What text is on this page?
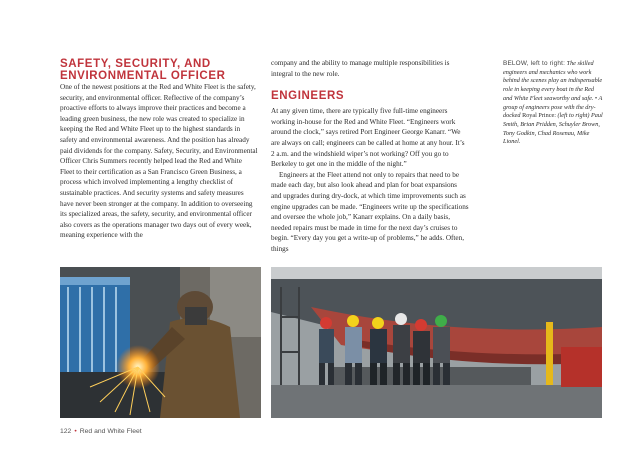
SAFETY, SECURITY, AND
ENVIRONMENTAL OFFICER

One of the newest positions at the Red and White Fleet is the safety, security, and environmental officer. Reflective of the company’s proactive efforts to always improve their practices and become a leading green business, the new role was created to specialize in keeping the Red and White Fleet up to the highest standards in safety and environmental awareness. And the position has already paid dividends for the company. Safety, Security, and Environmental Officer Chris Summers recently helped lead the Red and White Fleet to their certification as a San Francisco Green Business, a process which involved implementing a lengthy checklist of sustainable practices. And security systems and safety measures have never been stronger at the company. In addition to overseeing its specialized areas, the safety, security, and environmental officer also covers as the operations manager two days out of every week, meaning experience with the

company and the ability to manage multiple responsibilities is integral to the new role.

ENGINEERS

At any given time, there are typically five full-time engineers working in-house for the Red and White Fleet. “Engineers work around the clock,” says retired Port Engineer George Kanarr. “We are always on call; engineers can be called at home at any hour. It’s 2 a.m. and the windshield wiper’s not working? Off you go to Berkeley to get one in the middle of the night.”

Engineers at the Fleet attend not only to repairs that need to be made each day, but also look ahead and plan for boat expansions and upgrades during dry-dock, at which time improvements such as engine upgrades can be made. “Engineers write up the specifications and oversee the whole job,” Kanarr explains. On a daily basis, needed repairs must be made in time for the next day’s cruises to begin. “Every day you get a write-up of problems,” he adds. Often, things

BELOW, left to right: The skilled engineers and mechanics who work behind the scenes play an indispensable role in keeping every boat in the Red and White Fleet seaworthy and safe. • A group of engineers pose with the dry-docked Royal Prince: (left to right) Paul Smith, Brian Pridden, Schuyler Brown, Tony Godkin, Chad Rosenau, Mike Lionel.

122 • Red and White Fleet
